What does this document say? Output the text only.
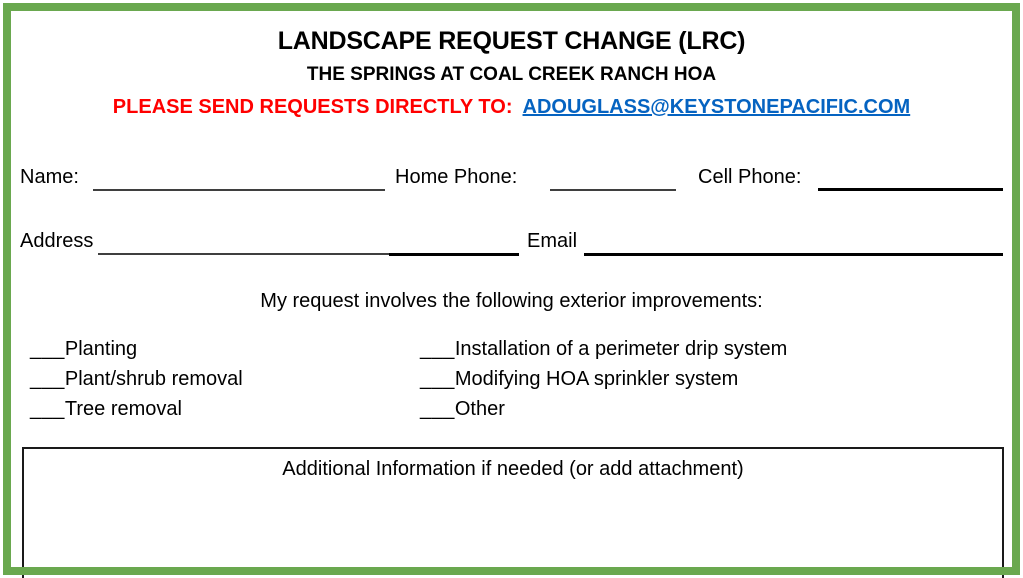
LANDSCAPE REQUEST CHANGE (LRC)
THE SPRINGS AT COAL CREEK RANCH HOA
PLEASE SEND REQUESTS DIRECTLY TO: ADOUGLASS@KEYSTONEPACIFIC.COM
Name:	Home Phone:	Cell Phone:
Address	Email
My request involves the following exterior improvements:
___Planting
___Plant/shrub removal
___Tree removal
___Installation of a perimeter drip system
___Modifying HOA sprinkler system
___Other
Additional Information if needed (or add attachment)
